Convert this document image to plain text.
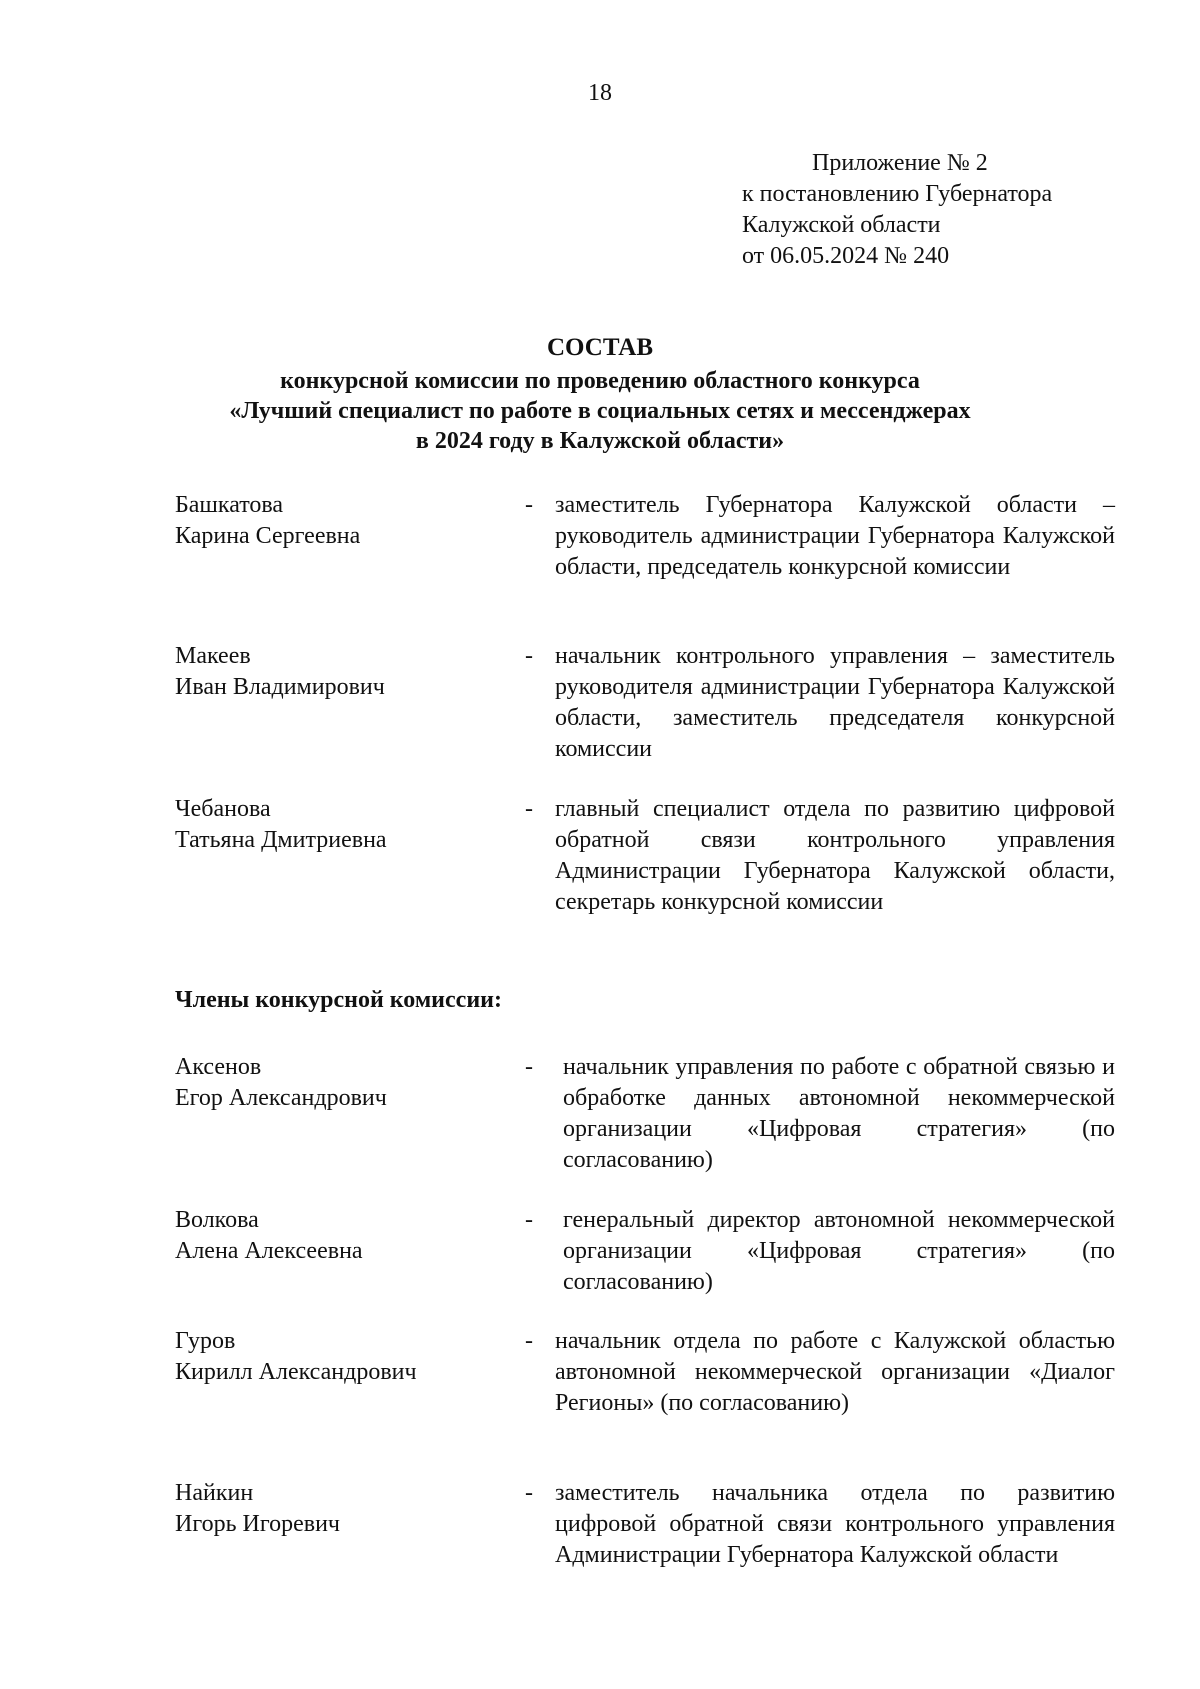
18
Приложение № 2
к постановлению Губернатора
Калужской области
от 06.05.2024 № 240
СОСТАВ
конкурсной комиссии по проведению областного конкурса
«Лучший специалист по работе в социальных сетях и мессенджерах
в 2024 году в Калужской области»
Башкатова
Карина Сергеевна
- заместитель Губернатора Калужской области – руководитель администрации Губернатора Калужской области, председатель конкурсной комиссии
Макеев
Иван Владимирович
- начальник контрольного управления – заместитель руководителя администрации Губернатора Калужской области, заместитель председателя конкурсной комиссии
Чебанова
Татьяна Дмитриевна
- главный специалист отдела по развитию цифровой обратной связи контрольного управления Администрации Губернатора Калужской области, секретарь конкурсной комиссии
Члены конкурсной комиссии:
Аксенов
Егор Александрович
- начальник управления по работе с обратной связью и обработке данных автономной некоммерческой организации «Цифровая стратегия» (по согласованию)
Волкова
Алена Алексеевна
- генеральный директор автономной некоммерческой организации «Цифровая стратегия» (по согласованию)
Гуров
Кирилл Александрович
- начальник отдела по работе с Калужской областью автономной некоммерческой организации «Диалог Регионы» (по согласованию)
Найкин
Игорь Игоревич
- заместитель начальника отдела по развитию цифровой обратной связи контрольного управления Администрации Губернатора Калужской области
